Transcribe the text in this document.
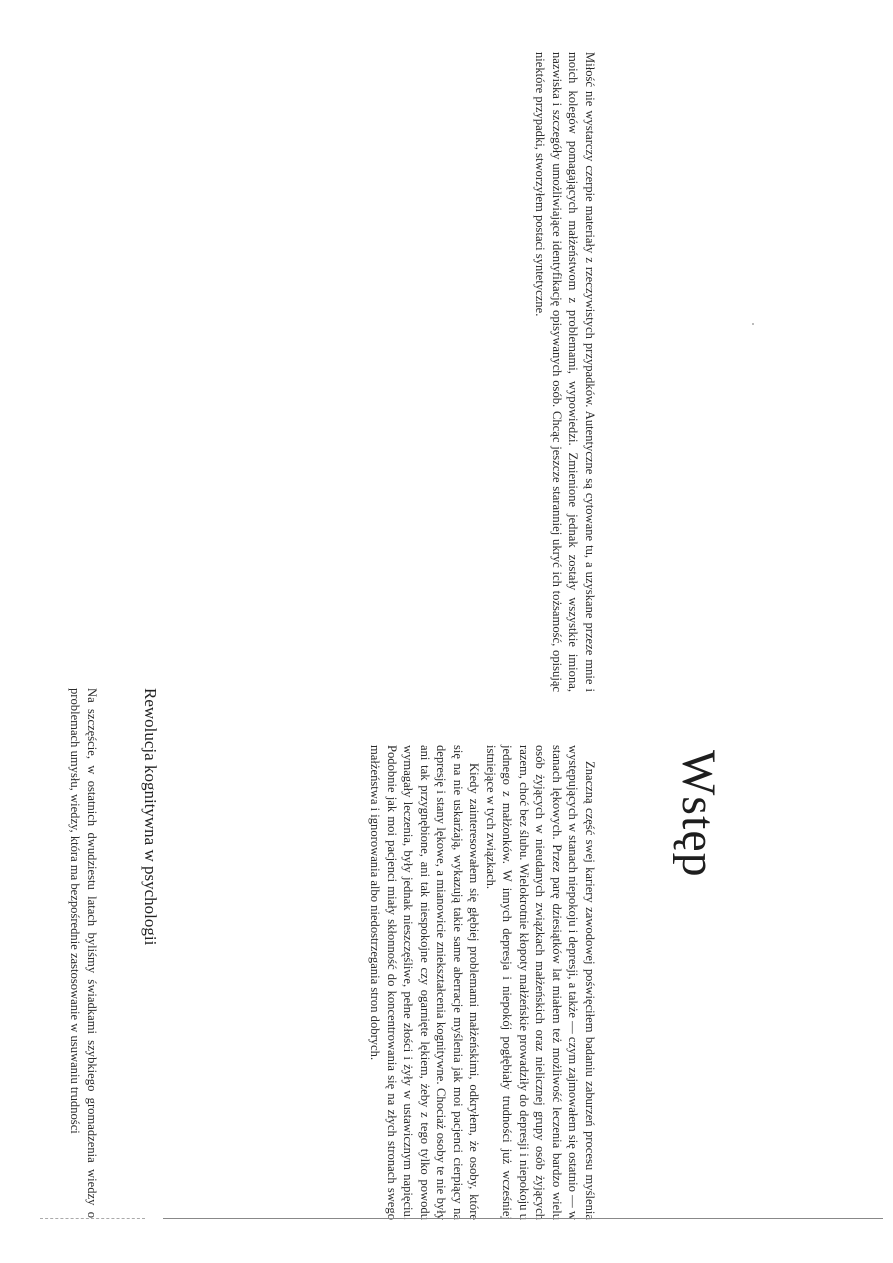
Wstęp

Znaczną część swej kariery zawodowej poświęciłem badaniu zaburzeń procesu myślenia występujących w stanach niepokoju i depresji, a także — czym zajmowałem się ostatnio — w stanach lękowych. Przez parę dziesiątków lat miałem też możliwość leczenia bardzo wielu osób żyjących w nieudanych związkach małżeńskich oraz nielicznej grupy osób żyjących razem, choć bez ślubu. Wielokrotnie kłopoty małżeńskie prowadziły do depresji i niepokoju u jednego z małżonków. W innych depresja i niepokój pogłębiały trudności już wcześniej istniejące w tych związkach.

Kiedy zainteresowałem się głębiej problemami małżeńskimi, odkryłem, że osoby, które się na nie uskarżają, wykazują takie same aberracje myślenia jak moi pacjenci cierpiący na depresję i stany lękowe, a mianowicie zniekształcenia kognitywne. Chociaż osoby te nie były ani tak przygnębione, ani tak niespokojne czy ogarnięte lękiem, żeby z tego tylko powodu wymagały leczenia, były jednak nieszczęśliwe, pełne złości i żyły w ustawicznym napięciu. Podobnie jak moi pacjenci miały skłonność do koncentrowania się na złych stronach swego małżeństwa i ignorowania albo niedostrzegania stron dobrych.

Miłość nie wystarczy czerpie materiały z rzeczywistych przypadków. Autentyczne są cytowane tu, a uzyskane przeze mnie i moich kolegów pomagających małżeństwom z problemami, wypowiedzi. Zmienione jednak zostały wszystkie imiona, nazwiska i szczegóły umożliwiające identyfikację opisywanych osób. Chcąc jeszcze staranniej ukryć ich tożsamość, opisując niektóre przypadki, stworzyłem postaci syntetyczne.

Rewolucja kognitywna w psychologii

Na szczęście, w ostatnich dwudziestu latach byliśmy świadkami szybkiego gromadzenia wiedzy o problemach umysłu, wiedzy, która ma bezpośrednie zastosowanie w usuwaniu trudności
